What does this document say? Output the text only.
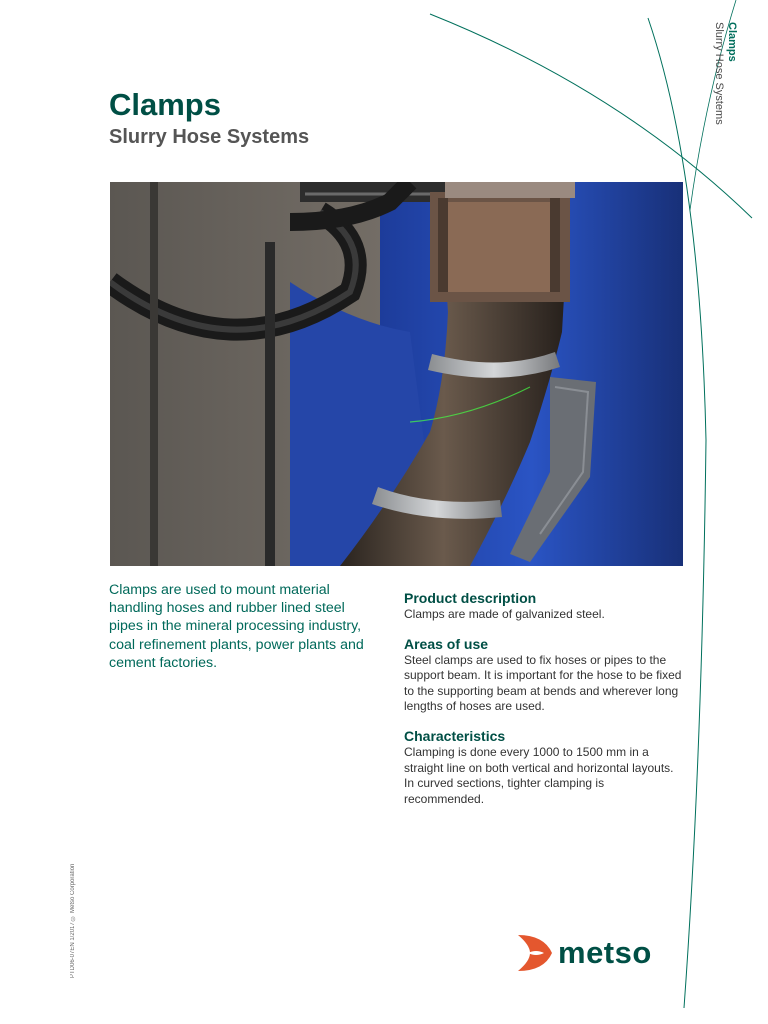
Clamps
Slurry Hose Systems
Clamps
Slurry Hose Systems

Clamps are used to mount material handling hoses and rubber lined steel pipes in the mineral processing industry, coal refinement plants, power plants and cement factories.

Product description

Clamps are made of galvanized steel.

Areas of use

Steel clamps are used to fix hoses or pipes to the support beam. It is important for the hose to be fixed to the supporting beam at bends and wherever long lengths of hoses are used.

Characteristics

Clamping is done every 1000 to 1500 mm in a straight line on both vertical and horizontal layouts. In curved sections, tighter clamping is recommended.

PTD06-07EN 1/2017 © Metso Corporation	metso
